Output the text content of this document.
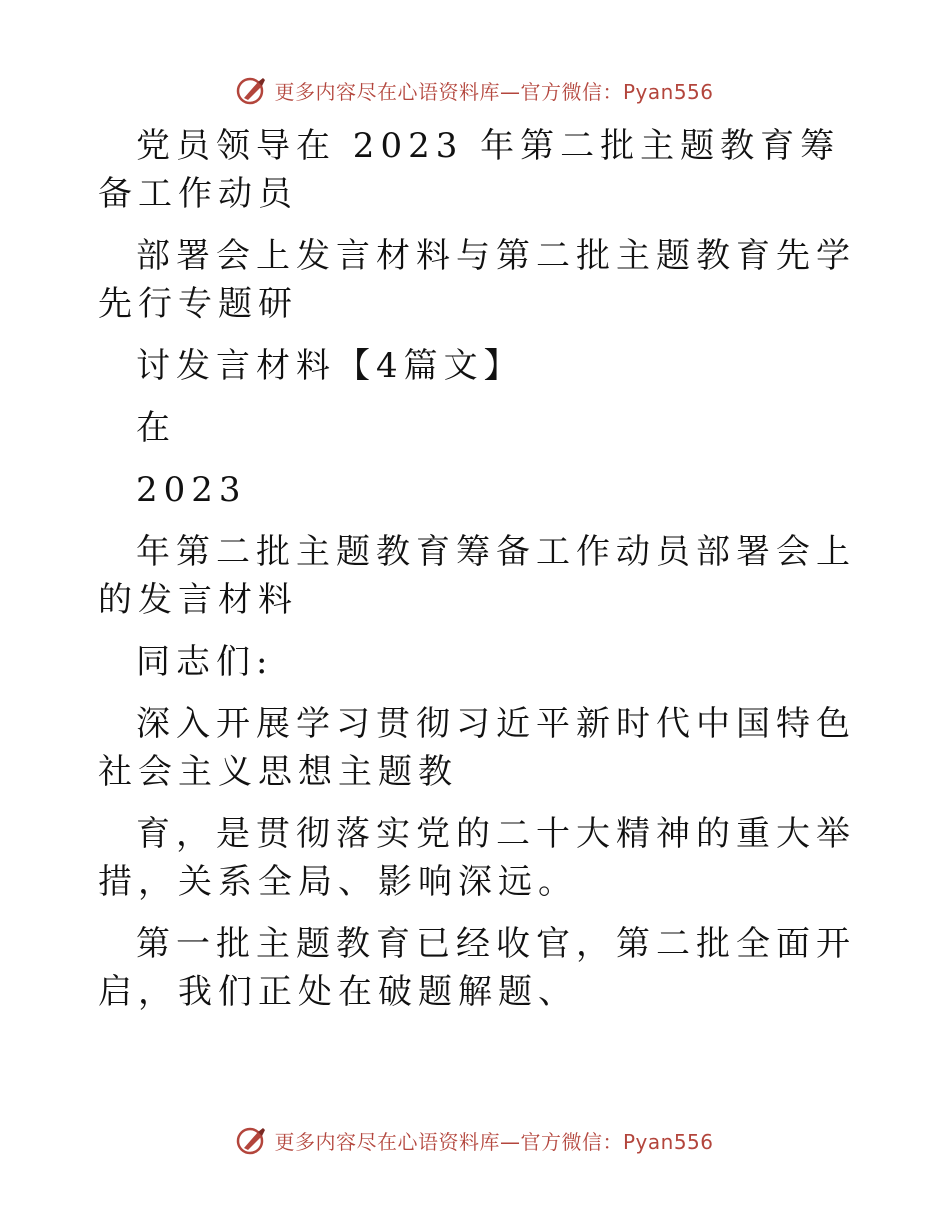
更多内容尽在心语资料库—官方微信：Pyan556

党员领导在 2023 年第二批主题教育筹备工作动员

部署会上发言材料与第二批主题教育先学先行专题研

讨发言材料【4篇文】

在

2023

年第二批主题教育筹备工作动员部署会上的发言材料

同志们:

深入开展学习贯彻习近平新时代中国特色社会主义思想主题教

育，是贯彻落实党的二十大精神的重大举措，关系全局、影响深远。

第一批主题教育已经收官，第二批全面开启，我们正处在破题解题、

更多内容尽在心语资料库—官方微信：Pyan556
